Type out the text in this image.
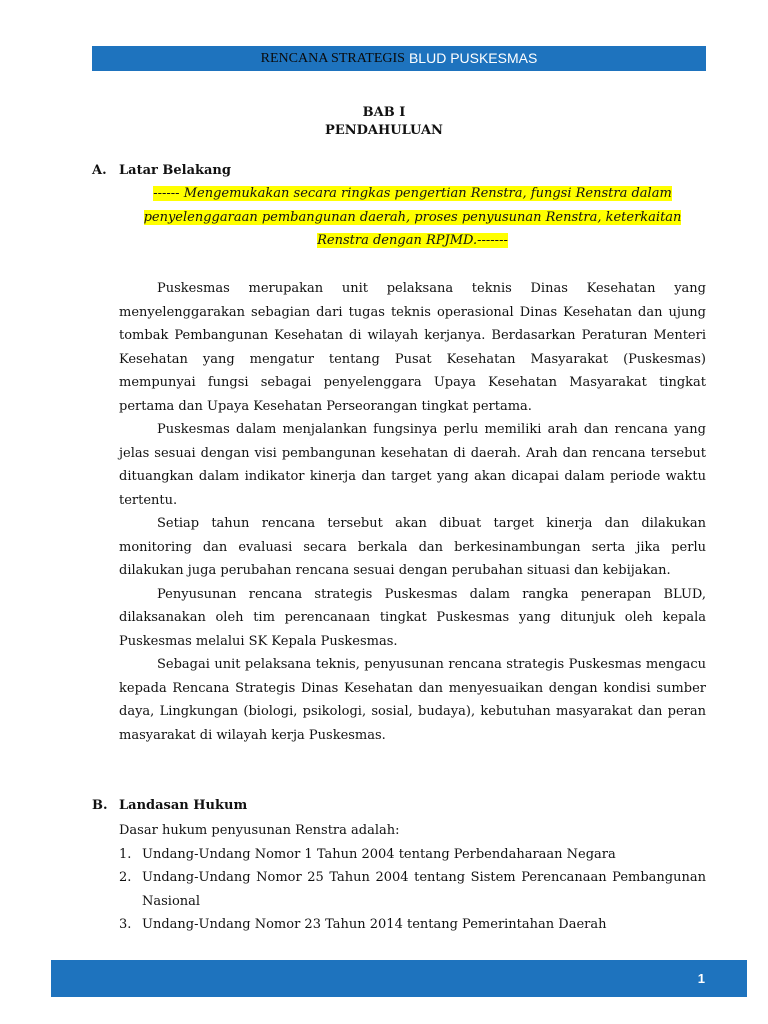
RENCANA STRATEGIS BLUD PUSKESMAS
BAB I
PENDAHULUAN
A. Latar Belakang
------ Mengemukakan secara ringkas pengertian Renstra, fungsi Renstra dalam
penyelenggaraan pembangunan daerah, proses penyusunan Renstra, keterkaitan
Renstra dengan RPJMD.-------

Puskesmas merupakan unit pelaksana teknis Dinas Kesehatan yang menyelenggarakan sebagian dari tugas teknis operasional Dinas Kesehatan dan ujung tombak Pembangunan Kesehatan di wilayah kerjanya. Berdasarkan Peraturan Menteri Kesehatan yang mengatur tentang Pusat Kesehatan Masyarakat (Puskesmas) mempunyai fungsi sebagai penyelenggara Upaya Kesehatan Masyarakat tingkat pertama dan Upaya Kesehatan Perseorangan tingkat pertama.

Puskesmas dalam menjalankan fungsinya perlu memiliki arah dan rencana yang jelas sesuai dengan visi pembangunan kesehatan di daerah. Arah dan rencana tersebut dituangkan dalam indikator kinerja dan target yang akan dicapai dalam periode waktu tertentu.

Setiap tahun rencana tersebut akan dibuat target kinerja dan dilakukan monitoring dan evaluasi secara berkala dan berkesinambungan serta jika perlu dilakukan juga perubahan rencana sesuai dengan perubahan situasi dan kebijakan.

Penyusunan rencana strategis Puskesmas dalam rangka penerapan BLUD, dilaksanakan oleh tim perencanaan tingkat Puskesmas yang ditunjuk oleh kepala Puskesmas melalui SK Kepala Puskesmas.

Sebagai unit pelaksana teknis, penyusunan rencana strategis Puskesmas mengacu kepada Rencana Strategis Dinas Kesehatan dan menyesuaikan dengan kondisi sumber daya, Lingkungan (biologi, psikologi, sosial, budaya), kebutuhan masyarakat dan peran masyarakat di wilayah kerja Puskesmas.

B. Landasan Hukum

Dasar hukum penyusunan Renstra adalah:

1. Undang-Undang Nomor 1 Tahun 2004 tentang Perbendaharaan Negara
2. Undang-Undang Nomor 25 Tahun 2004 tentang Sistem Perencanaan Pembangunan Nasional
3. Undang-Undang Nomor 23 Tahun 2014 tentang Pemerintahan Daerah
1
